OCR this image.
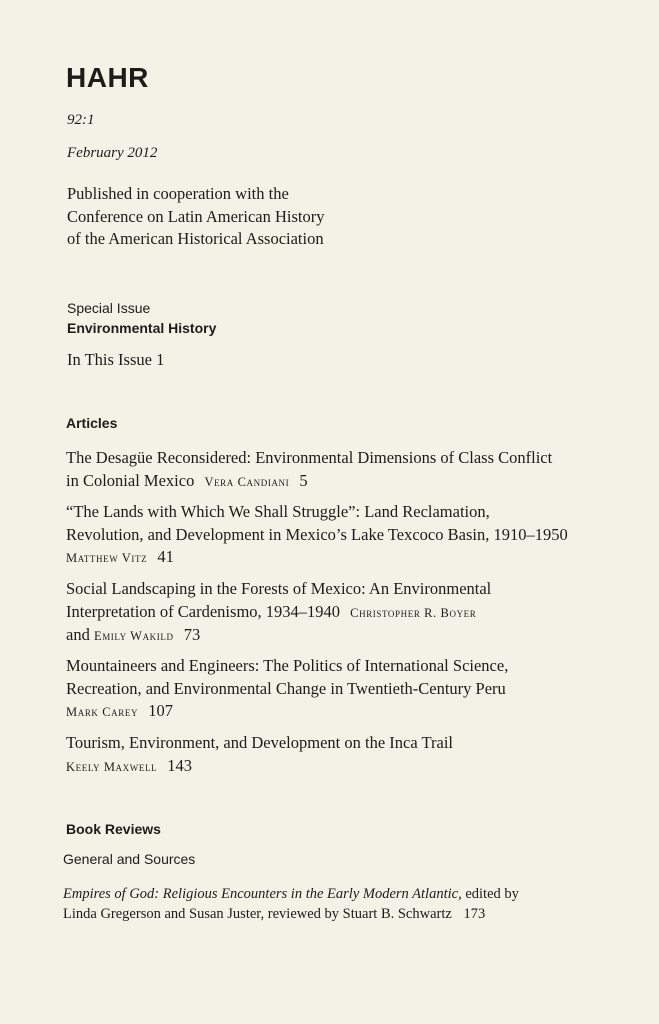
HAHR
92:1
February 2012
Published in cooperation with the
Conference on Latin American History
of the American Historical Association
Special Issue
Environmental History
In This Issue 1
Articles
The Desagüe Reconsidered: Environmental Dimensions of Class Conflict
in Colonial Mexico Vera Candiani 5
“The Lands with Which We Shall Struggle”: Land Reclamation,
Revolution, and Development in Mexico’s Lake Texcoco Basin, 1910–1950
Matthew Vitz 41
Social Landscaping in the Forests of Mexico: An Environmental
Interpretation of Cardenismo, 1934–1940 Christopher R. Boyer
and Emily Wakild 73
Mountaineers and Engineers: The Politics of International Science,
Recreation, and Environmental Change in Twentieth-Century Peru
Mark Carey 107
Tourism, Environment, and Development on the Inca Trail
Keely Maxwell 143
Book Reviews
General and Sources
Empires of God: Religious Encounters in the Early Modern Atlantic, edited by
Linda Gregerson and Susan Juster, reviewed by Stuart B. Schwartz 173
